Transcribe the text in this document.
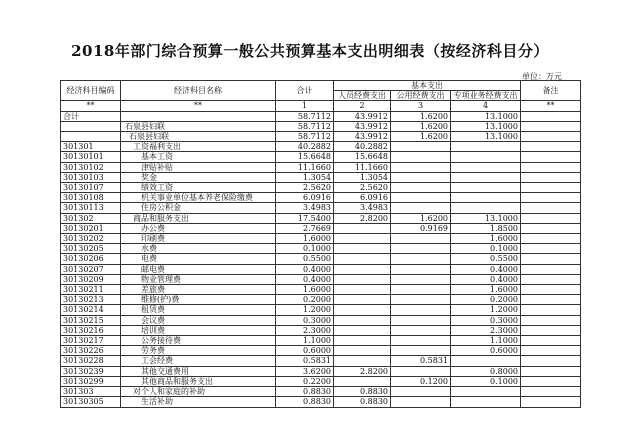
2018年部门综合预算一般公共预算基本支出明细表（按经济科目分）
单位：万元
经济科目编码	经济科目名称	合计	基本支出			备注
			人员经费支出	公用经费支出	专项业务经费支出	
**	**	1	2	3	4	**
合计		58.7112	43.9912	1.6200	13.1000	
	石泉县妇联	58.7112	43.9912	1.6200	13.1000	
	石泉县妇联	58.7112	43.9912	1.6200	13.1000	
301301	工资福利支出	40.2882	40.2882			
30130101	基本工资	15.6648	15.6648			
30130102	津贴补贴	11.1660	11.1660			
30130103	奖金	1.3054	1.3054			
30130107	绩效工资	2.5620	2.5620			
30130108	机关事业单位基本养老保险缴费	6.0916	6.0916			
30130113	住房公积金	3.4983	3.4983			
301302	商品和服务支出	17.5400	2.8200	1.6200	13.1000	
30130201	办公费	2.7669		0.9169	1.8500	
30130202	印刷费	1.6000			1.6000	
30130205	水费	0.1000			0.1000	
30130206	电费	0.5500			0.5500	
30130207	邮电费	0.4000			0.4000	
30130209	物业管理费	0.4000			0.4000	
30130211	差旅费	1.6000			1.6000	
30130213	维修(护)费	0.2000			0.2000	
30130214	租赁费	1.2000			1.2000	
30130215	会议费	0.3000			0.3000	
30130216	培训费	2.3000			2.3000	
30130217	公务接待费	1.1000			1.1000	
30130226	劳务费	0.6000			0.6000	
30130228	工会经费	0.5831		0.5831		
30130239	其他交通费用	3.6200	2.8200		0.8000	
30130299	其他商品和服务支出	0.2200		0.1200	0.1000	
301303	对个人和家庭的补助	0.8830	0.8830			
30130305	生活补助	0.8830	0.8830			
